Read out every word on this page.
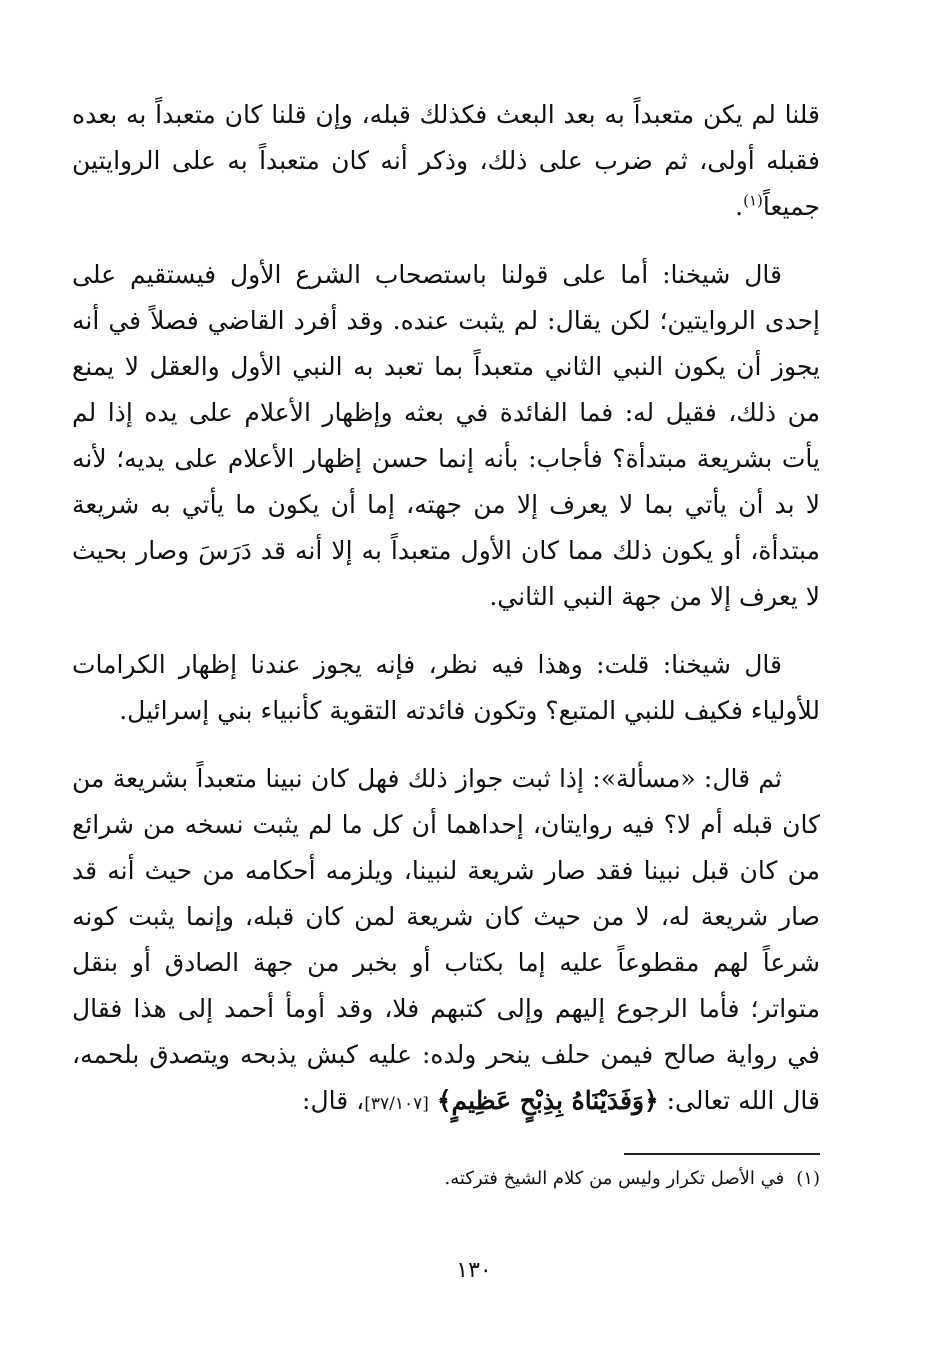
قلنا لم يكن متعبداً به بعد البعث فكذلك قبله، وإن قلنا كان متعبداً به بعده فقبله أولى، ثم ضرب على ذلك، وذكر أنه كان متعبداً به على الروايتين جميعاً$^{(١)}$.

قال شيخنا: أما على قولنا باستصحاب الشرع الأول فيستقيم على إحدى الروايتين؛ لكن يقال: لم يثبت عنده. وقد أفرد القاضي فصلاً في أنه يجوز أن يكون النبي الثاني متعبداً بما تعبد به النبي الأول والعقل لا يمنع من ذلك، فقيل له: فما الفائدة في بعثه وإظهار الأعلام على يده إذا لم يأت بشريعة مبتدأة؟ فأجاب: بأنه إنما حسن إظهار الأعلام على يديه؛ لأنه لا بد أن يأتي بما لا يعرف إلا من جهته، إما أن يكون ما يأتي به شريعة مبتدأة، أو يكون ذلك مما كان الأول متعبداً به إلا أنه قد دَرَسَ وصار بحيث لا يعرف إلا من جهة النبي الثاني.

قال شيخنا: قلت: وهذا فيه نظر، فإنه يجوز عندنا إظهار الكرامات للأولياء فكيف للنبي المتبع؟ وتكون فائدته التقوية كأنبياء بني إسرائيل.

ثم قال: «مسألة»: إذا ثبت جواز ذلك فهل كان نبينا متعبداً بشريعة من كان قبله أم لا؟ فيه روايتان، إحداهما أن كل ما لم يثبت نسخه من شرائع من كان قبل نبينا فقد صار شريعة لنبينا، ويلزمه أحكامه من حيث أنه قد صار شريعة له، لا من حيث كان شريعة لمن كان قبله، وإنما يثبت كونه شرعاً لهم مقطوعاً عليه إما بكتاب أو بخبر من جهة الصادق أو بنقل متواتر؛ فأما الرجوع إليهم وإلى كتبهم فلا، وقد أومأ أحمد إلى هذا فقال في رواية صالح فيمن حلف ينحر ولده: عليه كبش يذبحه ويتصدق بلحمه، قال الله تعالى: ﴿وَفَدَيْنَاهُ بِذِبْحٍ عَظِيمٍ﴾ [٣٧/١٠٧]، قال:

(١)في الأصل تكرار وليس من كلام الشيخ فتركته.
١٣٠
